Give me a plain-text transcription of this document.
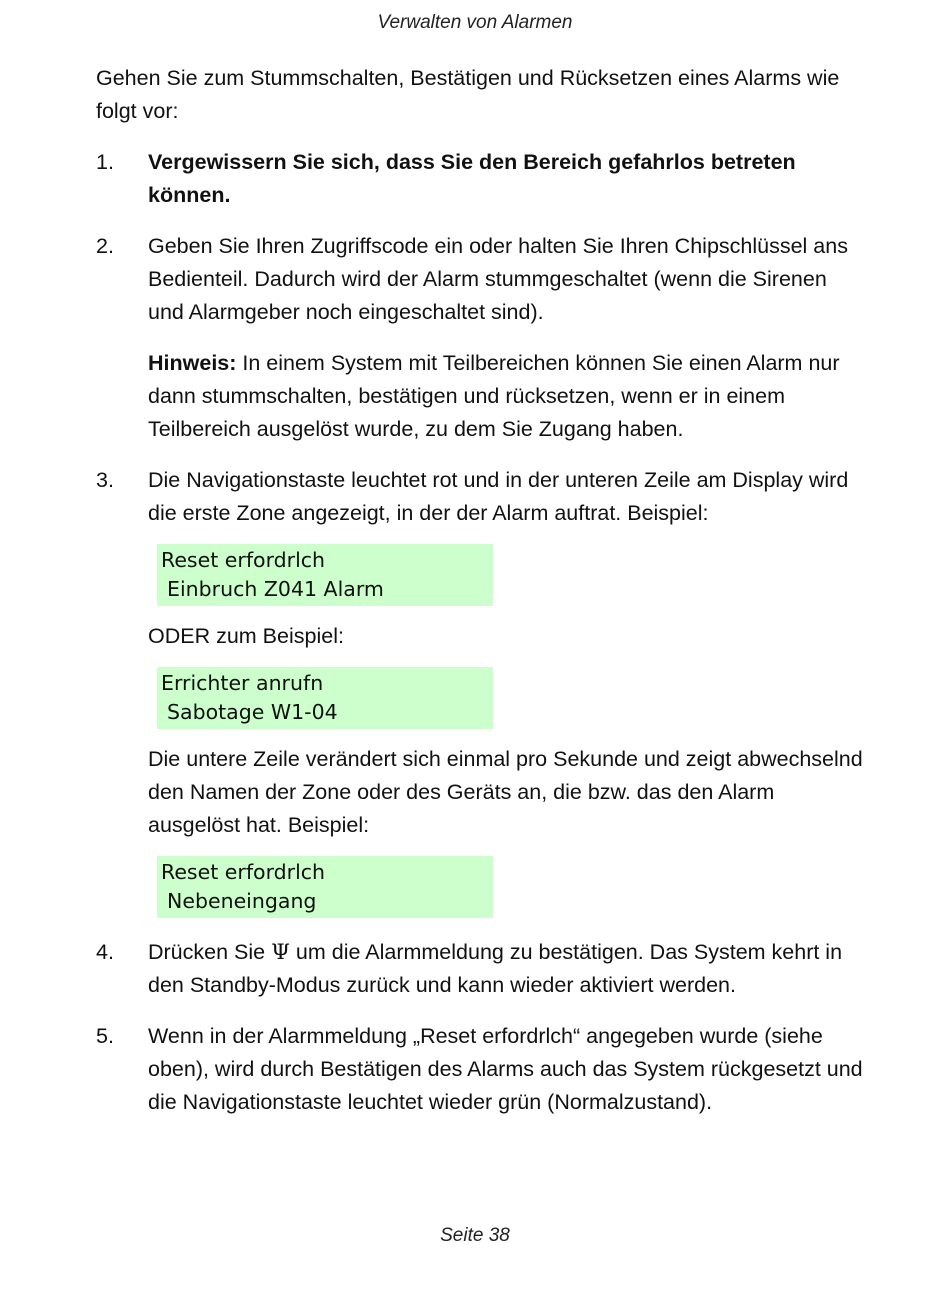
Verwalten von Alarmen

Gehen Sie zum Stummschalten, Bestätigen und Rücksetzen eines Alarms wie folgt vor:

1. Vergewissern Sie sich, dass Sie den Bereich gefahrlos betreten können.

2. Geben Sie Ihren Zugriffscode ein oder halten Sie Ihren Chipschlüssel ans Bedienteil. Dadurch wird der Alarm stummgeschaltet (wenn die Sirenen und Alarmgeber noch eingeschaltet sind).

Hinweis: In einem System mit Teilbereichen können Sie einen Alarm nur dann stummschalten, bestätigen und rücksetzen, wenn er in einem Teilbereich ausgelöst wurde, zu dem Sie Zugang haben.

3. Die Navigationstaste leuchtet rot und in der unteren Zeile am Display wird die erste Zone angezeigt, in der der Alarm auftrat. Beispiel:

Reset erfordrlch
Einbruch Z041 Alarm

ODER zum Beispiel:

Errichter anrufn
Sabotage W1-04

Die untere Zeile verändert sich einmal pro Sekunde und zeigt abwechselnd den Namen der Zone oder des Geräts an, die bzw. das den Alarm ausgelöst hat. Beispiel:

Reset erfordrlch
Nebeneingang
4. Drücken Sie Ψ um die Alarmmeldung zu bestätigen. Das System kehrt in den Standby-Modus zurück und kann wieder aktiviert werden.

5. Wenn in der Alarmmeldung „Reset erfordrlch“ angegeben wurde (siehe oben), wird durch Bestätigen des Alarms auch das System rückgesetzt und die Navigationstaste leuchtet wieder grün (Normalzustand).

Seite 38
